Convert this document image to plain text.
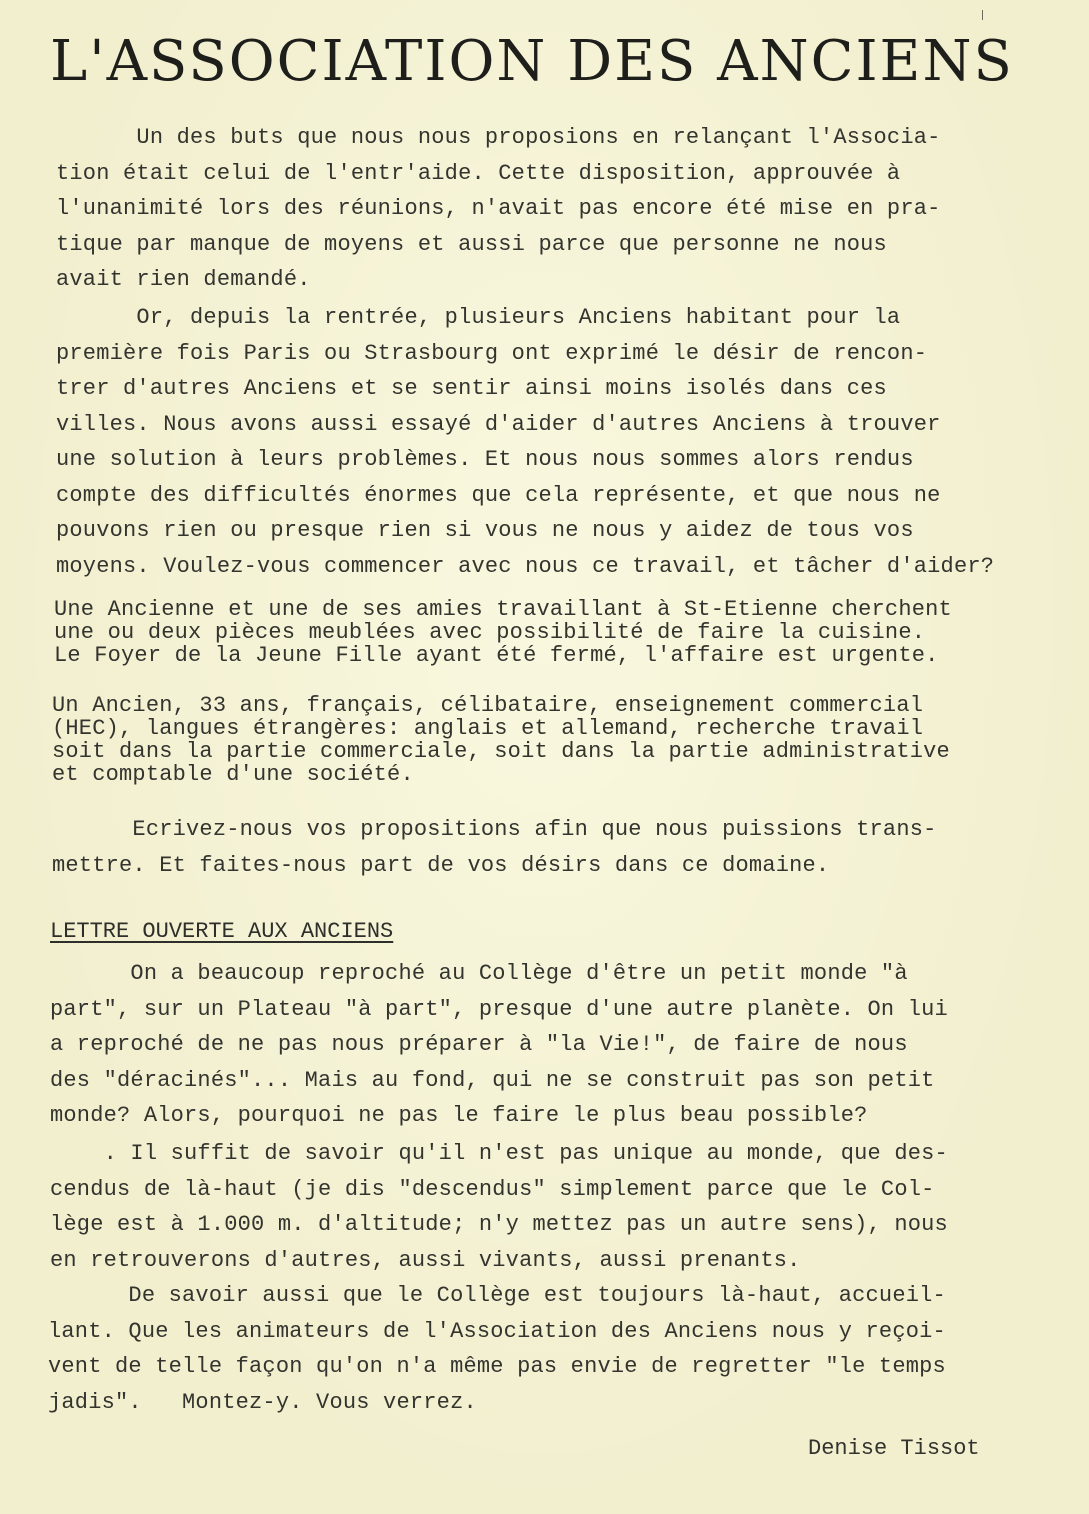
L'ASSOCIATION DES ANCIENS

Un des buts que nous nous proposions en relançant l'Associa-
tion était celui de l'entr'aide. Cette disposition, approuvée à
l'unanimité lors des réunions, n'avait pas encore été mise en pra-
tique par manque de moyens et aussi parce que personne ne nous
avait rien demandé.

Or, depuis la rentrée, plusieurs Anciens habitant pour la
première fois Paris ou Strasbourg ont exprimé le désir de rencon-
trer d'autres Anciens et se sentir ainsi moins isolés dans ces
villes. Nous avons aussi essayé d'aider d'autres Anciens à trouver
une solution à leurs problèmes. Et nous nous sommes alors rendus
compte des difficultés énormes que cela représente, et que nous ne
pouvons rien ou presque rien si vous ne nous y aidez de tous vos
moyens. Voulez-vous commencer avec nous ce travail, et tâcher d'aider?

Une Ancienne et une de ses amies travaillant à St-Etienne cherchent
une ou deux pièces meublées avec possibilité de faire la cuisine.
Le Foyer de la Jeune Fille ayant été fermé, l'affaire est urgente.

Un Ancien, 33 ans, français, célibataire, enseignement commercial
(HEC), langues étrangères: anglais et allemand, recherche travail
soit dans la partie commerciale, soit dans la partie administrative
et comptable d'une société.

Ecrivez-nous vos propositions afin que nous puissions trans-
mettre. Et faites-nous part de vos désirs dans ce domaine.

LETTRE OUVERTE AUX ANCIENS

On a beaucoup reproché au Collège d'être un petit monde "à
part", sur un Plateau "à part", presque d'une autre planète. On lui
a reproché de ne pas nous préparer à "la Vie!", de faire de nous
des "déracinés"... Mais au fond, qui ne se construit pas son petit
monde? Alors, pourquoi ne pas le faire le plus beau possible?

. Il suffit de savoir qu'il n'est pas unique au monde, que des-
cendus de là-haut (je dis "descendus" simplement parce que le Col-
lège est à 1.000 m. d'altitude; n'y mettez pas un autre sens), nous
en retrouverons d'autres, aussi vivants, aussi prenants.

De savoir aussi que le Collège est toujours là-haut, accueil-
lant. Que les animateurs de l'Association des Anciens nous y reçoi-
vent de telle façon qu'on n'a même pas envie de regretter "le temps
jadis".   Montez-y. Vous verrez.

Denise Tissot
